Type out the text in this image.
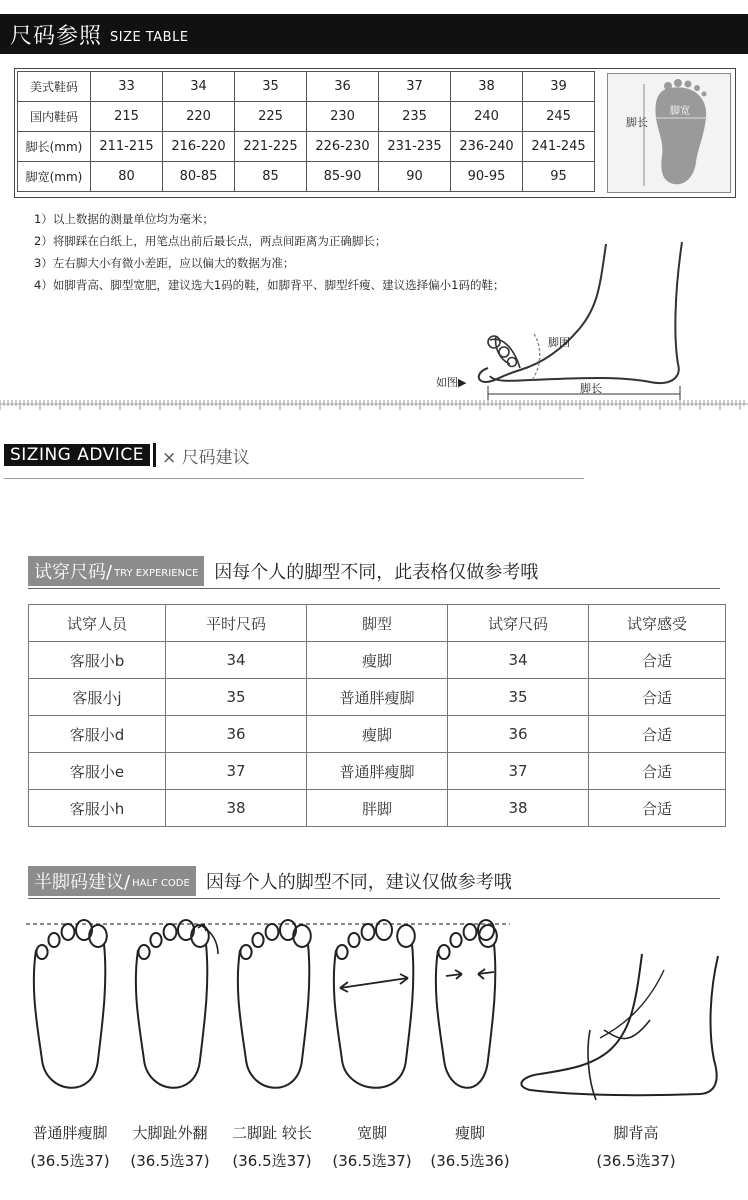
尺码参照 SIZE TABLE
美式鞋码	33	34	35	36	37	38	39
国内鞋码	215	220	225	230	235	240	245
脚长(mm)	211-215	216-220	221-225	226-230	231-235	236-240	241-245
脚宽(mm)	80	80-85	85	85-90	90	90-95	95
脚长
脚宽
1）以上数据的测量单位均为毫米；
2）将脚踩在白纸上，用笔点出前后最长点，两点间距离为正确脚长；
3）左右脚大小有微小差距，应以偏大的数据为准；
4）如脚背高、脚型宽肥，建议选大1码的鞋，如脚背平、脚型纤瘦、建议选择偏小1码的鞋；
脚围
脚长
如图▶
SIZING ADVICE	× 尺码建议
试穿尺码/ TRY EXPERIENCE 因每个人的脚型不同，此表格仅做参考哦
试穿人员	平时尺码	脚型	试穿尺码	试穿感受
客服小b	34	瘦脚	34	合适
客服小j	35	普通胖瘦脚	35	合适
客服小d	36	瘦脚	36	合适
客服小e	37	普通胖瘦脚	37	合适
客服小h	38	胖脚	38	合适
半脚码建议/ HALF CODE 因每个人的脚型不同，建议仅做参考哦
普通胖瘦脚
(36.5选37)
大脚趾外翻
(36.5选37)
二脚趾 较长
(36.5选37)
宽脚
(36.5选37)
瘦脚
(36.5选36)
脚背高
(36.5选37)
